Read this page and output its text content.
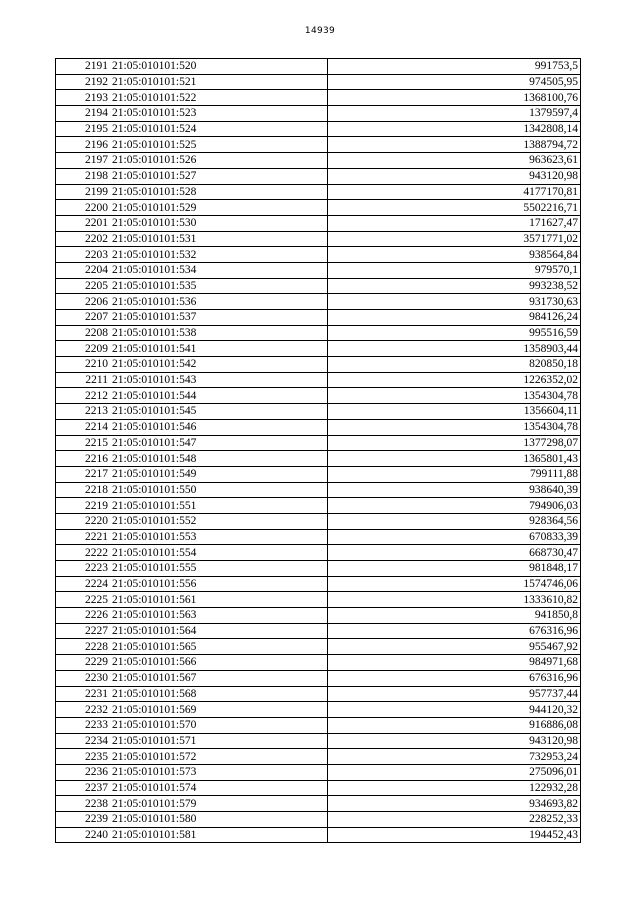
14939
2191	21:05:010101:520	991753,5
2192	21:05:010101:521	974505,95
2193	21:05:010101:522	1368100,76
2194	21:05:010101:523	1379597,4
2195	21:05:010101:524	1342808,14
2196	21:05:010101:525	1388794,72
2197	21:05:010101:526	963623,61
2198	21:05:010101:527	943120,98
2199	21:05:010101:528	4177170,81
2200	21:05:010101:529	5502216,71
2201	21:05:010101:530	171627,47
2202	21:05:010101:531	3571771,02
2203	21:05:010101:532	938564,84
2204	21:05:010101:534	979570,1
2205	21:05:010101:535	993238,52
2206	21:05:010101:536	931730,63
2207	21:05:010101:537	984126,24
2208	21:05:010101:538	995516,59
2209	21:05:010101:541	1358903,44
2210	21:05:010101:542	820850,18
2211	21:05:010101:543	1226352,02
2212	21:05:010101:544	1354304,78
2213	21:05:010101:545	1356604,11
2214	21:05:010101:546	1354304,78
2215	21:05:010101:547	1377298,07
2216	21:05:010101:548	1365801,43
2217	21:05:010101:549	799111,88
2218	21:05:010101:550	938640,39
2219	21:05:010101:551	794906,03
2220	21:05:010101:552	928364,56
2221	21:05:010101:553	670833,39
2222	21:05:010101:554	668730,47
2223	21:05:010101:555	981848,17
2224	21:05:010101:556	1574746,06
2225	21:05:010101:561	1333610,82
2226	21:05:010101:563	941850,8
2227	21:05:010101:564	676316,96
2228	21:05:010101:565	955467,92
2229	21:05:010101:566	984971,68
2230	21:05:010101:567	676316,96
2231	21:05:010101:568	957737,44
2232	21:05:010101:569	944120,32
2233	21:05:010101:570	916886,08
2234	21:05:010101:571	943120,98
2235	21:05:010101:572	732953,24
2236	21:05:010101:573	275096,01
2237	21:05:010101:574	122932,28
2238	21:05:010101:579	934693,82
2239	21:05:010101:580	228252,33
2240	21:05:010101:581	194452,43
